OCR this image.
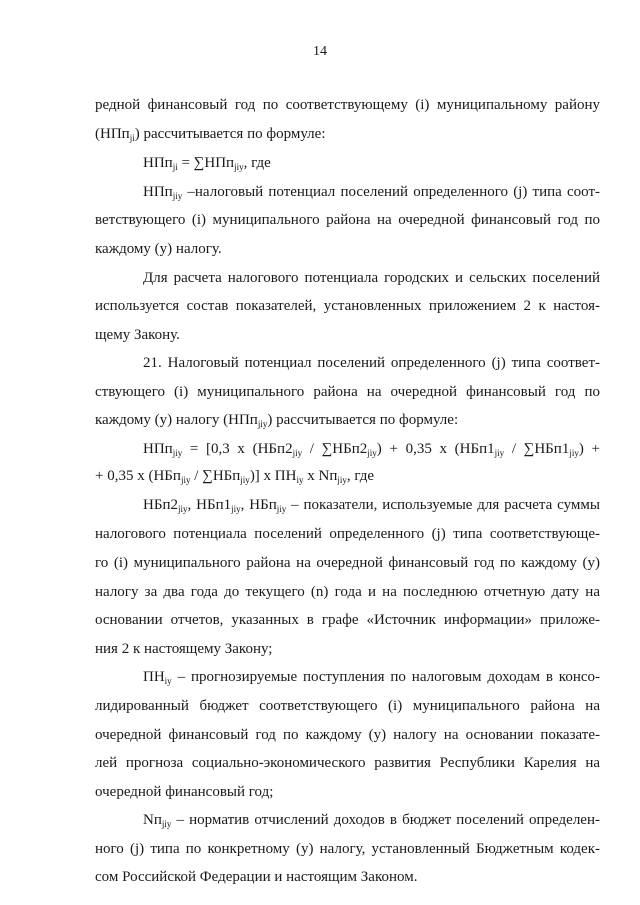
14
редной финансовый год по соответствующему (i) муниципальному району
(НПп$_{ji}$) рассчитывается по формуле:
НПп$_{ji}$ = ∑НПп$_{jiy}$, где
НПп$_{jiy}$ –налоговый потенциал поселений определенного (j) типа соот-
ветствующего (i) муниципального района на очередной финансовый год по
каждому (y) налогу.
Для расчета налогового потенциала городских и сельских поселений
используется состав показателей, установленных приложением 2 к настоя-
щему Закону.
21. Налоговый потенциал поселений определенного (j) типа соответ-
ствующего (i) муниципального района на очередной финансовый год по
каждому (y) налогу (НПп$_{jiy}$) рассчитывается по формуле:
НПп$_{jiy}$ = [0,3 х $(НБп2_{jiy} / \sum НБп2_{jiy}) + 0,35$ х $(НБп1_{jiy} / \sum НБп1_{jiy})$ +
+ 0,35 х (НБп$_{jiy}$ / ∑НБп$_{jiy}$)] х $ПН_{iy}$ х $Nп_{jiy}$, где
$НБп2_{jiy}$, $НБп1_{jiy}$, НБп$_{jiy}$ – показатели, используемые для расчета суммы
налогового потенциала поселений определенного (j) типа соответствующе-
го (i) муниципального района на очередной финансовый год по каждому (y)
налогу за два года до текущего (n) года и на последнюю отчетную дату на
основании отчетов, указанных в графе «Источник информации» приложе-
ния 2 к настоящему Закону;
$ПН_{iy}$ – прогнозируемые поступления по налоговым доходам в консо-
лидированный бюджет соответствующего (i) муниципального района на
очередной финансовый год по каждому (y) налогу на основании показате-
лей прогноза социально-экономического развития Республики Карелия на
очередной финансовый год;
$Nп_{jiy}$ – норматив отчислений доходов в бюджет поселений определен-
ного (j) типа по конкретному (y) налогу, установленный Бюджетным кодек-
сом Российской Федерации и настоящим Законом.
